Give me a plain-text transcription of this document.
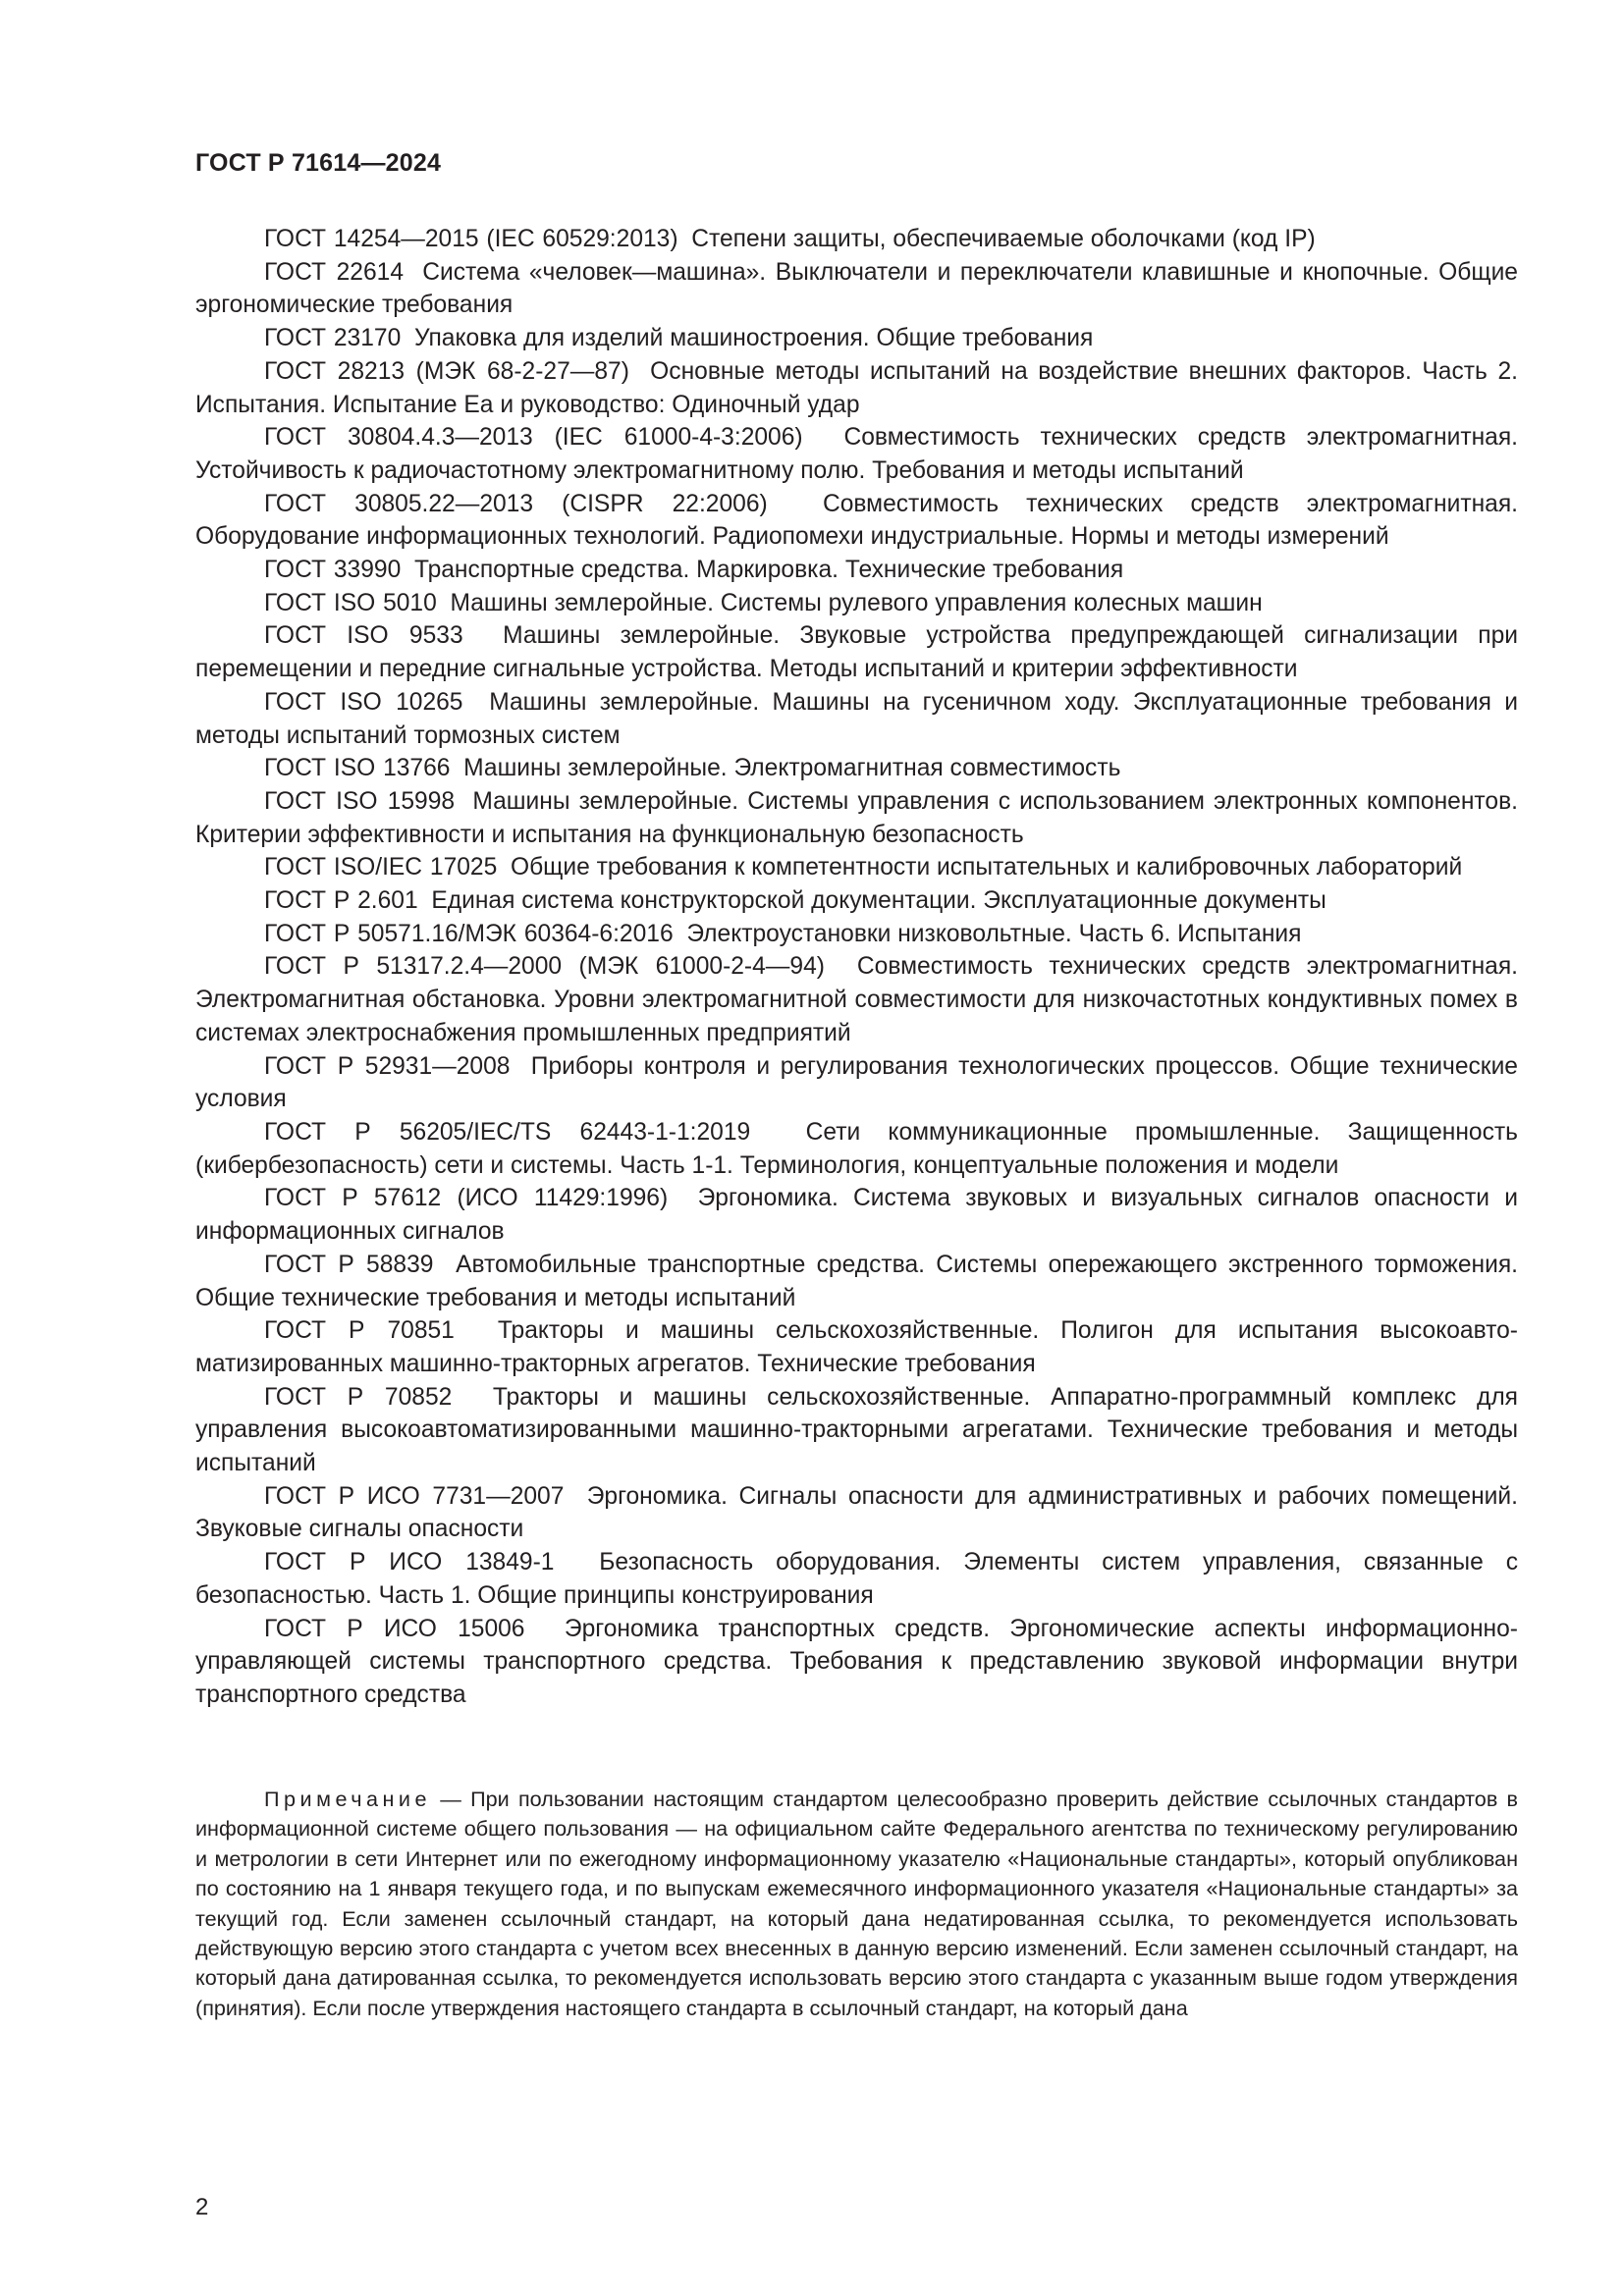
ГОСТ Р 71614—2024
ГОСТ 14254—2015 (IEC 60529:2013) Степени защиты, обеспечиваемые оболочками (код IP)
ГОСТ 22614 Система «человек—машина». Выключатели и переключатели клавишные и кнопочные. Общие эргономические требования
ГОСТ 23170 Упаковка для изделий машиностроения. Общие требования
ГОСТ 28213 (МЭК 68-2-27—87) Основные методы испытаний на воздействие внешних факторов. Часть 2. Испытания. Испытание Еа и руководство: Одиночный удар
ГОСТ 30804.4.3—2013 (IEC 61000-4-3:2006) Совместимость технических средств электромагнитная. Устойчивость к радиочастотному электромагнитному полю. Требования и методы испытаний
ГОСТ 30805.22—2013 (CISPR 22:2006) Совместимость технических средств электромагнитная. Оборудование информационных технологий. Радиопомехи индустриальные. Нормы и методы измерений
ГОСТ 33990 Транспортные средства. Маркировка. Технические требования
ГОСТ ISO 5010 Машины землеройные. Системы рулевого управления колесных машин
ГОСТ ISO 9533 Машины землеройные. Звуковые устройства предупреждающей сигнализации при перемещении и передние сигнальные устройства. Методы испытаний и критерии эффективности
ГОСТ ISO 10265 Машины землеройные. Машины на гусеничном ходу. Эксплуатационные требования и методы испытаний тормозных систем
ГОСТ ISO 13766 Машины землеройные. Электромагнитная совместимость
ГОСТ ISO 15998 Машины землеройные. Системы управления с использованием электронных компонентов. Критерии эффективности и испытания на функциональную безопасность
ГОСТ ISO/IEC 17025 Общие требования к компетентности испытательных и калибровочных лабораторий
ГОСТ Р 2.601 Единая система конструкторской документации. Эксплуатационные документы
ГОСТ Р 50571.16/МЭК 60364-6:2016 Электроустановки низковольтные. Часть 6. Испытания
ГОСТ Р 51317.2.4—2000 (МЭК 61000-2-4—94) Совместимость технических средств электромагнитная. Электромагнитная обстановка. Уровни электромагнитной совместимости для низкочастотных кондуктивных помех в системах электроснабжения промышленных предприятий
ГОСТ Р 52931—2008 Приборы контроля и регулирования технологических процессов. Общие технические условия
ГОСТ Р 56205/IEC/TS 62443-1-1:2019 Сети коммуникационные промышленные. Защищенность (кибербезопасность) сети и системы. Часть 1-1. Терминология, концептуальные положения и модели
ГОСТ Р 57612 (ИСО 11429:1996) Эргономика. Система звуковых и визуальных сигналов опасности и информационных сигналов
ГОСТ Р 58839 Автомобильные транспортные средства. Системы опережающего экстренного торможения. Общие технические требования и методы испытаний
ГОСТ Р 70851 Тракторы и машины сельскохозяйственные. Полигон для испытания высокоавтоматизированных машинно-тракторных агрегатов. Технические требования
ГОСТ Р 70852 Тракторы и машины сельскохозяйственные. Аппаратно-программный комплекс для управления высокоавтоматизированными машинно-тракторными агрегатами. Технические требования и методы испытаний
ГОСТ Р ИСО 7731—2007 Эргономика. Сигналы опасности для административных и рабочих помещений. Звуковые сигналы опасности
ГОСТ Р ИСО 13849-1 Безопасность оборудования. Элементы систем управления, связанные с безопасностью. Часть 1. Общие принципы конструирования
ГОСТ Р ИСО 15006 Эргономика транспортных средств. Эргономические аспекты информационно-управляющей системы транспортного средства. Требования к представлению звуковой информации внутри транспортного средства

Примечание — При пользовании настоящим стандартом целесообразно проверить действие ссылочных стандартов в информационной системе общего пользования — на официальном сайте Федерального агентства по техническому регулированию и метрологии в сети Интернет или по ежегодному информационному указателю «Национальные стандарты», который опубликован по состоянию на 1 января текущего года, и по выпускам ежемесячного информационного указателя «Национальные стандарты» за текущий год. Если заменен ссылочный стандарт, на который дана недатированная ссылка, то рекомендуется использовать действующую версию этого стандарта с учетом всех внесенных в данную версию изменений. Если заменен ссылочный стандарт, на который дана датированная ссылка, то рекомендуется использовать версию этого стандарта с указанным выше годом утверждения (принятия). Если после утверждения настоящего стандарта в ссылочный стандарт, на который дана

2
